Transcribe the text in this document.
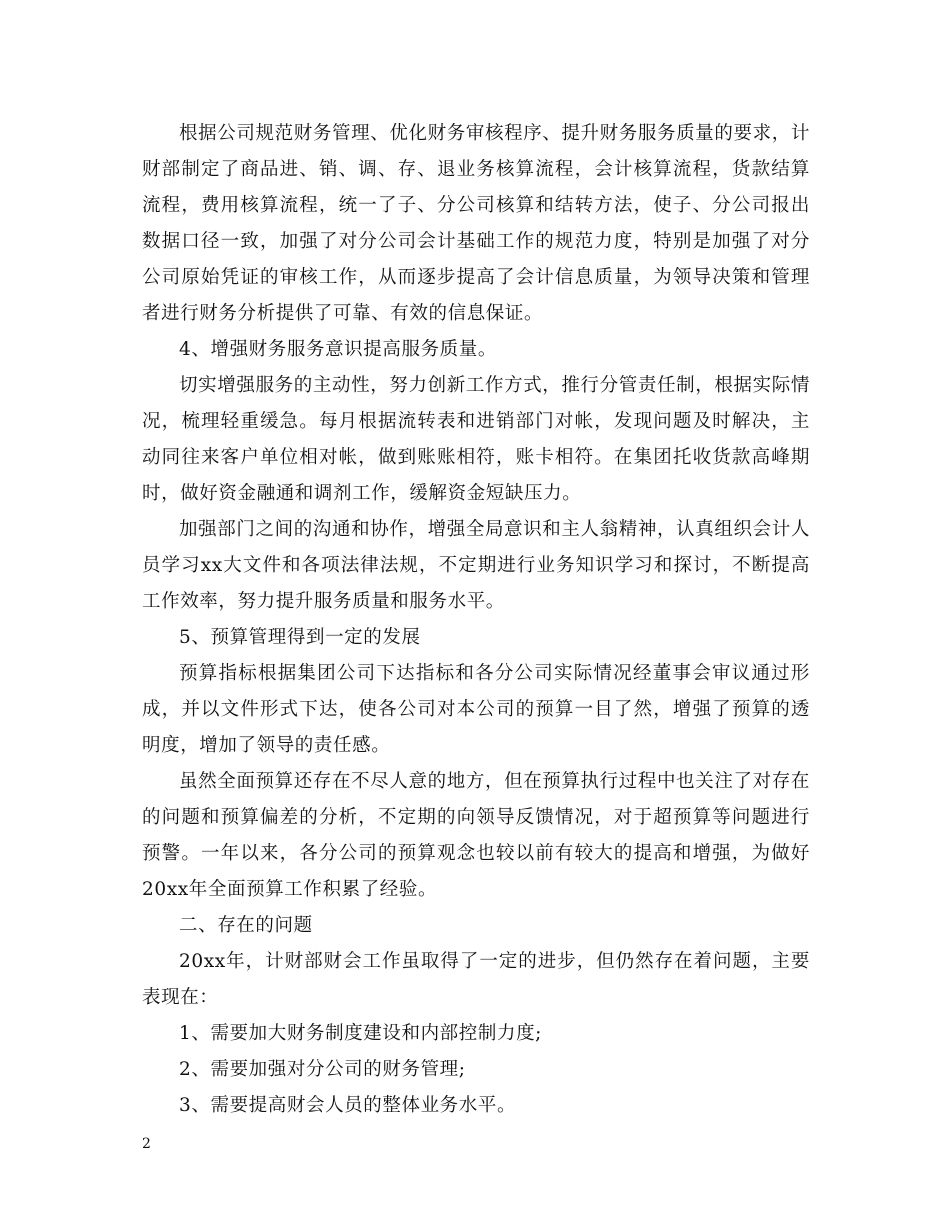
根据公司规范财务管理、优化财务审核程序、提升财务服务质量的要求，计财部制定了商品进、销、调、存、退业务核算流程，会计核算流程，货款结算流程，费用核算流程，统一了子、分公司核算和结转方法，使子、分公司报出数据口径一致，加强了对分公司会计基础工作的规范力度，特别是加强了对分公司原始凭证的审核工作，从而逐步提高了会计信息质量，为领导决策和管理者进行财务分析提供了可靠、有效的信息保证。

4、增强财务服务意识提高服务质量。

切实增强服务的主动性，努力创新工作方式，推行分管责任制，根据实际情况，梳理轻重缓急。每月根据流转表和进销部门对帐，发现问题及时解决，主动同往来客户单位相对帐，做到账账相符，账卡相符。在集团托收货款高峰期时，做好资金融通和调剂工作，缓解资金短缺压力。

加强部门之间的沟通和协作，增强全局意识和主人翁精神，认真组织会计人员学习xx大文件和各项法律法规，不定期进行业务知识学习和探讨，不断提高工作效率，努力提升服务质量和服务水平。

5、预算管理得到一定的发展

预算指标根据集团公司下达指标和各分公司实际情况经董事会审议通过形成，并以文件形式下达，使各公司对本公司的预算一目了然，增强了预算的透明度，增加了领导的责任感。

虽然全面预算还存在不尽人意的地方，但在预算执行过程中也关注了对存在的问题和预算偏差的分析，不定期的向领导反馈情况，对于超预算等问题进行预警。一年以来，各分公司的预算观念也较以前有较大的提高和增强，为做好20xx年全面预算工作积累了经验。

二、存在的问题

20xx年，计财部财会工作虽取得了一定的进步，但仍然存在着问题，主要表现在：

1、需要加大财务制度建设和内部控制力度;

2、需要加强对分公司的财务管理;

3、需要提高财会人员的整体业务水平。

2
